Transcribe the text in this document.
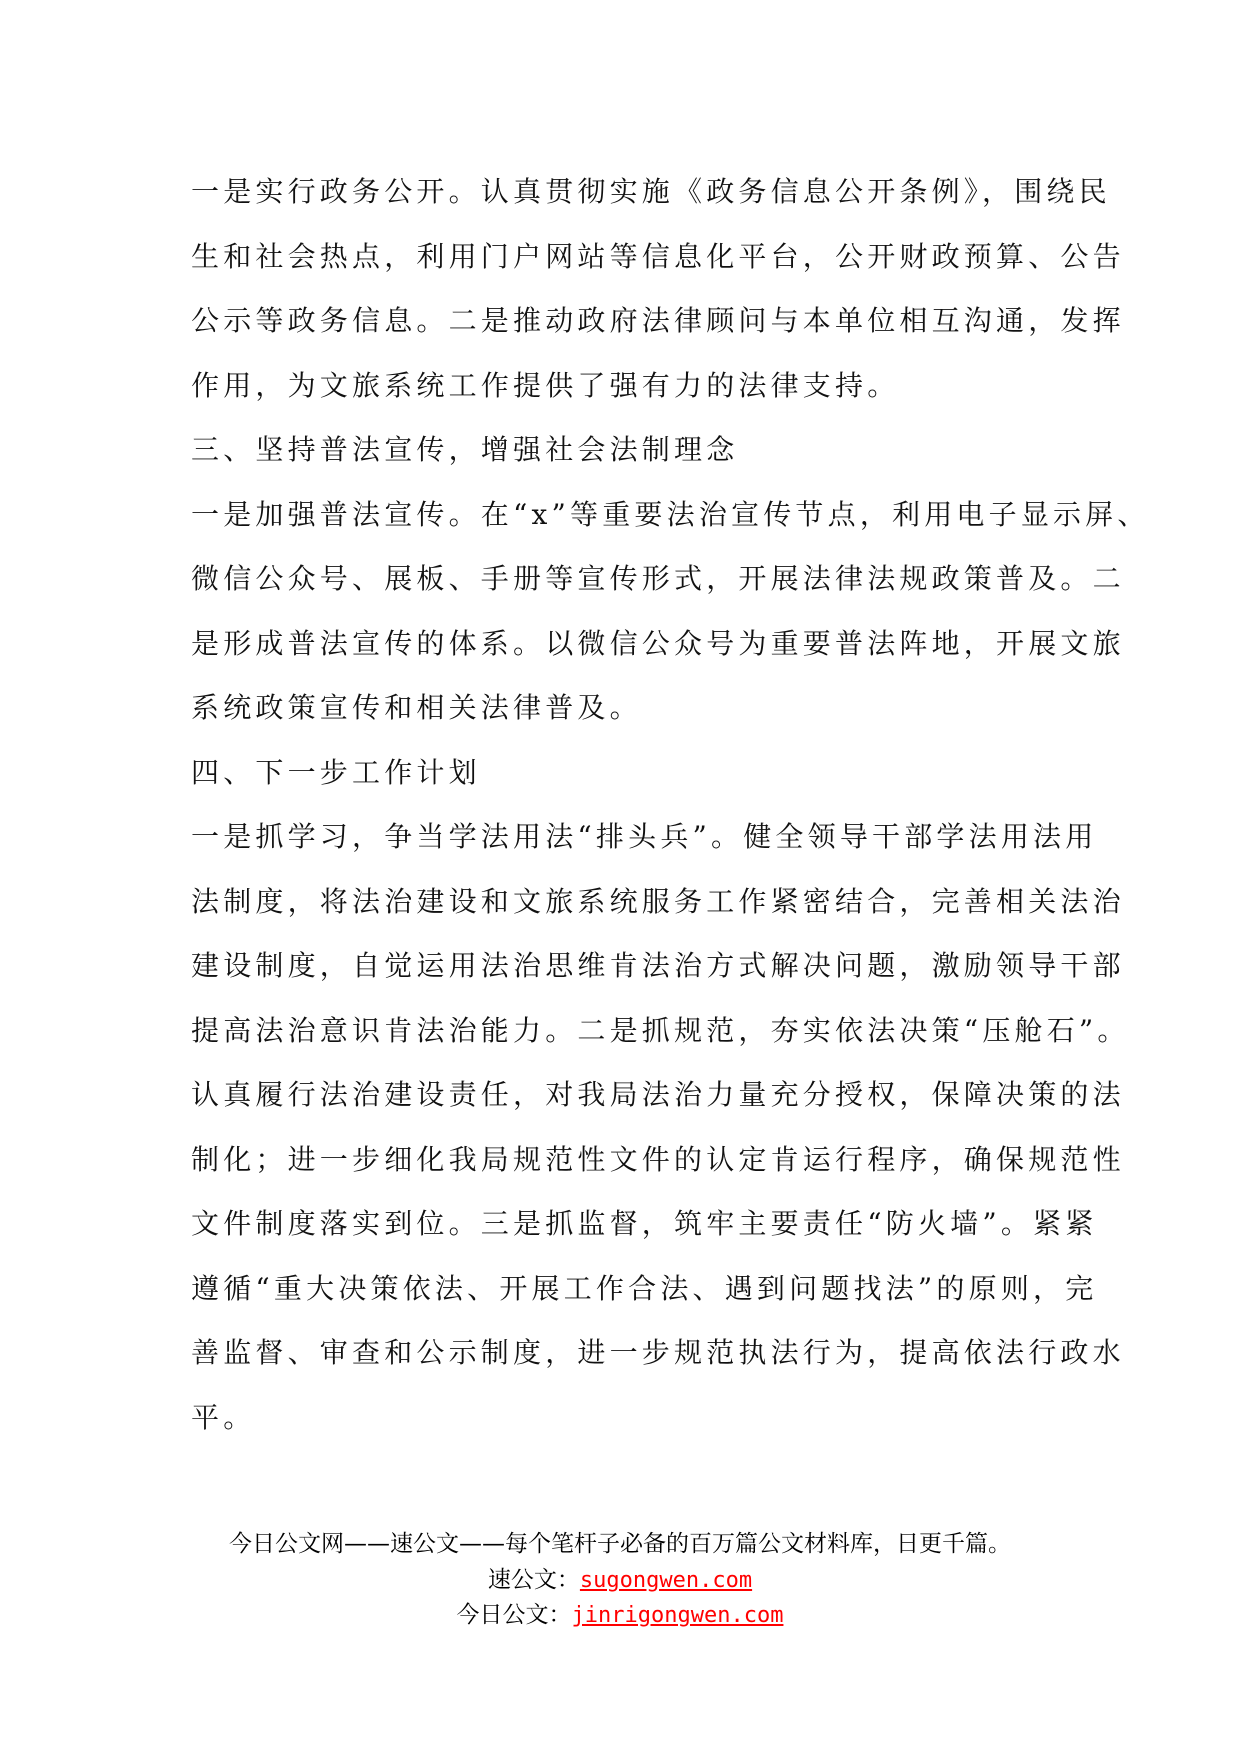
一是实行政务公开。认真贯彻实施《政务信息公开条例》，围绕民
生和社会热点，利用门户网站等信息化平台，公开财政预算、公告
公示等政务信息。二是推动政府法律顾问与本单位相互沟通，发挥
作用，为文旅系统工作提供了强有力的法律支持。
三、坚持普法宣传，增强社会法制理念
一是加强普法宣传。在“x”等重要法治宣传节点，利用电子显示屏、
微信公众号、展板、手册等宣传形式，开展法律法规政策普及。二
是形成普法宣传的体系。以微信公众号为重要普法阵地，开展文旅
系统政策宣传和相关法律普及。
四、下一步工作计划
一是抓学习，争当学法用法“排头兵”。健全领导干部学法用法用
法制度，将法治建设和文旅系统服务工作紧密结合，完善相关法治
建设制度，自觉运用法治思维肯法治方式解决问题，激励领导干部
提高法治意识肯法治能力。二是抓规范，夯实依法决策“压舱石”。
认真履行法治建设责任，对我局法治力量充分授权，保障决策的法
制化；进一步细化我局规范性文件的认定肯运行程序，确保规范性
文件制度落实到位。三是抓监督，筑牢主要责任“防火墙”。紧紧
遵循“重大决策依法、开展工作合法、遇到问题找法”的原则，完
善监督、审查和公示制度，进一步规范执法行为，提高依法行政水
平。
今日公文网——速公文——每个笔杆子必备的百万篇公文材料库，日更千篇。
速公文：sugongwen.com
今日公文：jinrigongwen.com
